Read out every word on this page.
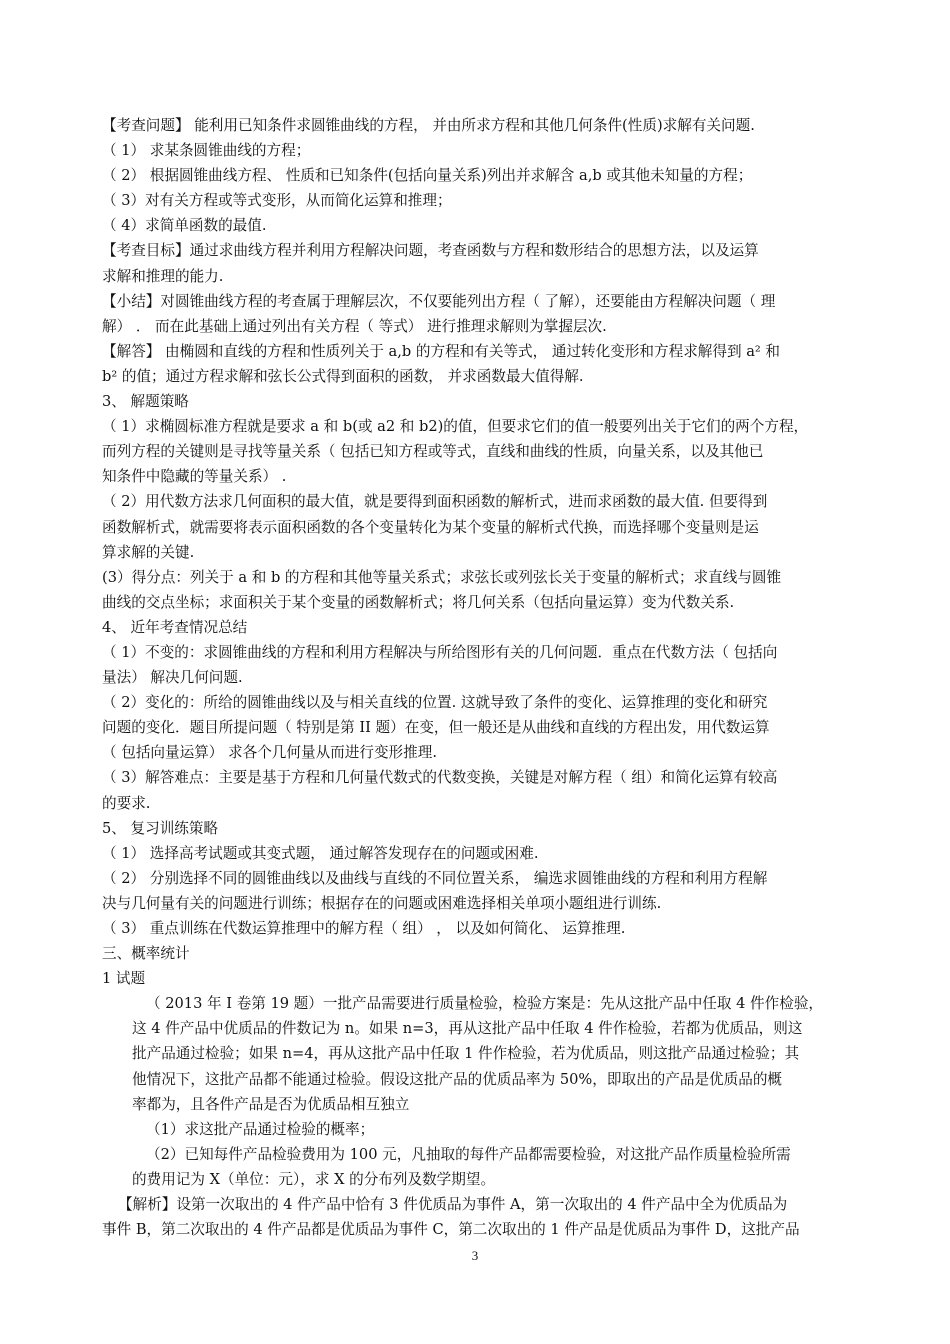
【考查问题】 能利用已知条件求圆锥曲线的方程， 并由所求方程和其他几何条件(性质)求解有关问题.
（ 1） 求某条圆锥曲线的方程；
（ 2） 根据圆锥曲线方程、 性质和已知条件(包括向量关系)列出并求解含 a,b 或其他未知量的方程；
（ 3）对有关方程或等式变形，从而简化运算和推理；
（ 4）求简单函数的最值.
【考查目标】通过求曲线方程并利用方程解决问题，考查函数与方程和数形结合的思想方法，以及运算
求解和推理的能力.
【小结】对圆锥曲线方程的考查属于理解层次，不仅要能列出方程（ 了解），还要能由方程解决问题（ 理
解） ． 而在此基础上通过列出有关方程（ 等式） 进行推理求解则为掌握层次.
【解答】 由椭圆和直线的方程和性质列关于 a,b 的方程和有关等式， 通过转化变形和方程求解得到 a² 和
b² 的值；通过方程求解和弦长公式得到面积的函数， 并求函数最大值得解.
3、 解题策略
（ 1）求椭圆标准方程就是要求 a 和 b(或 a2 和 b2)的值，但要求它们的值一般要列出关于它们的两个方程，
而列方程的关键则是寻找等量关系（ 包括已知方程或等式，直线和曲线的性质，向量关系，以及其他已
知条件中隐藏的等量关系） .
（ 2）用代数方法求几何面积的最大值，就是要得到面积函数的解析式，进而求函数的最大值. 但要得到
函数解析式，就需要将表示面积函数的各个变量转化为某个变量的解析式代换，而选择哪个变量则是运
算求解的关键.
(3）得分点：列关于 a 和 b 的方程和其他等量关系式；求弦长或列弦长关于变量的解析式；求直线与圆锥
曲线的交点坐标；求面积关于某个变量的函数解析式；将几何关系（包括向量运算）变为代数关系.
4、 近年考查情况总结
（ 1）不变的：求圆锥曲线的方程和利用方程解决与所给图形有关的几何问题．重点在代数方法（ 包括向
量法） 解决几何问题.
（ 2）变化的：所给的圆锥曲线以及与相关直线的位置. 这就导致了条件的变化、运算推理的变化和研究
问题的变化．题目所提问题（ 特别是第 II 题）在变，但一般还是从曲线和直线的方程出发，用代数运算
（ 包括向量运算） 求各个几何量从而进行变形推理.
（ 3）解答难点：主要是基于方程和几何量代数式的代数变换，关键是对解方程（ 组）和简化运算有较高
的要求.
5、 复习训练策略
（ 1） 选择高考试题或其变式题， 通过解答发现存在的问题或困难.
（ 2） 分别选择不同的圆锥曲线以及曲线与直线的不同位置关系， 编选求圆锥曲线的方程和利用方程解
决与几何量有关的问题进行训练；根据存在的问题或困难选择相关单项小题组进行训练.
（ 3） 重点训练在代数运算推理中的解方程（ 组） ， 以及如何简化、 运算推理.
三、概率统计
1 试题
（ 2013 年 I 卷第 19 题）一批产品需要进行质量检验，检验方案是：先从这批产品中任取 4 件作检验，
这 4 件产品中优质品的件数记为 n。如果 n=3，再从这批产品中任取 4 件作检验，若都为优质品，则这
批产品通过检验；如果 n=4，再从这批产品中任取 1 件作检验，若为优质品，则这批产品通过检验；其
他情况下，这批产品都不能通过检验。假设这批产品的优质品率为 50%，即取出的产品是优质品的概
率都为，且各件产品是否为优质品相互独立
（1）求这批产品通过检验的概率；
（2）已知每件产品检验费用为 100 元，凡抽取的每件产品都需要检验，对这批产品作质量检验所需
的费用记为 X（单位：元），求 X 的分布列及数学期望。
【解析】设第一次取出的 4 件产品中恰有 3 件优质品为事件 A，第一次取出的 4 件产品中全为优质品为
事件 B，第二次取出的 4 件产品都是优质品为事件 C，第二次取出的 1 件产品是优质品为事件 D，这批产品
3
